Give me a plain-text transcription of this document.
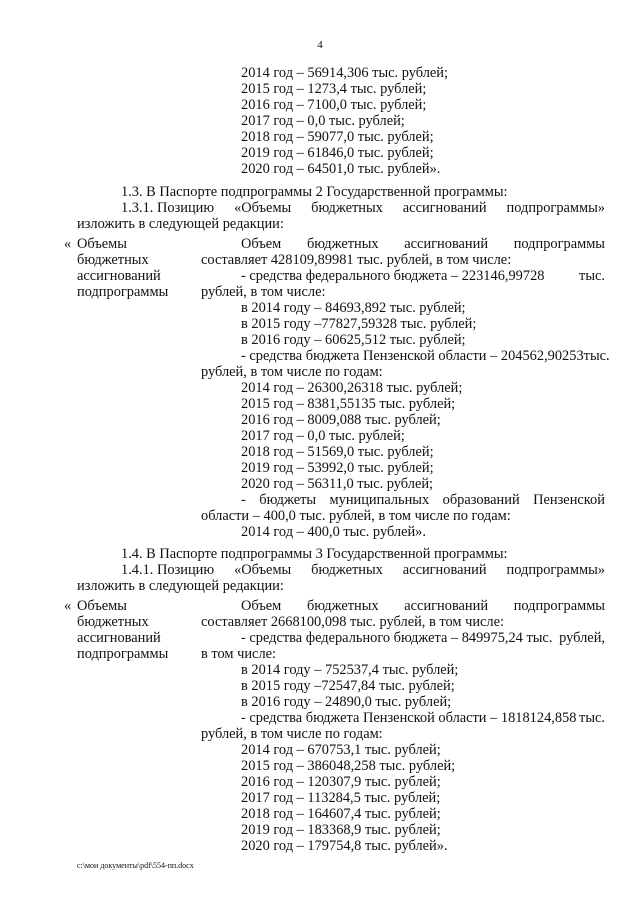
4
2014 год – 56914,306 тыс. рублей;
2015 год – 1273,4 тыс. рублей;
2016 год – 7100,0 тыс. рублей;
2017 год – 0,0 тыс. рублей;
2018 год – 59077,0 тыс. рублей;
2019 год – 61846,0 тыс. рублей;
2020 год – 64501,0 тыс. рублей».
1.3. В Паспорте подпрограммы 2 Государственной программы:
1.3.1. Позицию «Объемы бюджетных ассигнований подпрограммы»
изложить в следующей редакции:
« Объемы
бюджетных
ассигнований
подпрограммы
Объем бюджетных ассигнований подпрограммы
составляет 428109,89981 тыс. рублей, в том числе:
- средства федерального бюджета – 223146,99728 тыс.
рублей, в том числе:
в 2014 году – 84693,892 тыс. рублей;
в 2015 году –77827,59328 тыс. рублей;
в 2016 году – 60625,512 тыс. рублей;
- средства бюджета Пензенской области – 204562,90253 тыс.
рублей, в том числе по годам:
2014 год – 26300,26318 тыс. рублей;
2015 год – 8381,55135 тыс. рублей;
2016 год – 8009,088 тыс. рублей;
2017 год – 0,0 тыс. рублей;
2018 год – 51569,0 тыс. рублей;
2019 год – 53992,0 тыс. рублей;
2020 год – 56311,0 тыс. рублей;
- бюджеты муниципальных образований Пензенской
области – 400,0 тыс. рублей, в том числе по годам:
2014 год – 400,0 тыс. рублей».
1.4. В Паспорте подпрограммы 3 Государственной программы:
1.4.1. Позицию «Объемы бюджетных ассигнований подпрограммы»
изложить в следующей редакции:
« Объемы
бюджетных
ассигнований
подпрограммы
Объем бюджетных ассигнований подпрограммы
составляет 2668100,098 тыс. рублей, в том числе:
- средства федерального бюджета – 849975,24 тыс. рублей,
в том числе:
в 2014 году – 752537,4 тыс. рублей;
в 2015 году –72547,84 тыс. рублей;
в 2016 году – 24890,0 тыс. рублей;
- средства бюджета Пензенской области – 1818124,858 тыс.
рублей, в том числе по годам:
2014 год – 670753,1 тыс. рублей;
2015 год – 386048,258 тыс. рублей;
2016 год – 120307,9 тыс. рублей;
2017 год – 113284,5 тыс. рублей;
2018 год – 164607,4 тыс. рублей;
2019 год – 183368,9 тыс. рублей;
2020 год – 179754,8 тыс. рублей».
c:\мои документы\pdf\554-пп.docx
